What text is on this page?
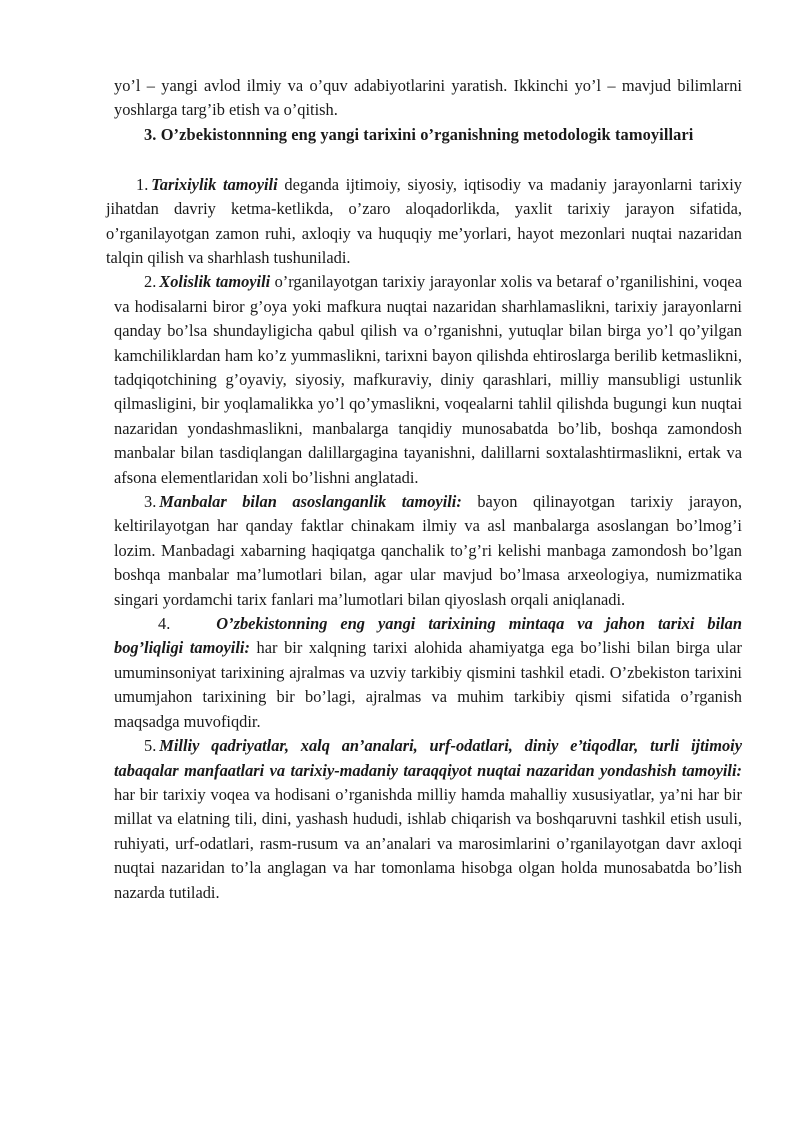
yo’l – yangi avlod ilmiy va o’quv adabiyotlarini yaratish. Ikkinchi yo’l – mavjud bilimlarni yoshlarga targ’ib etish va o’qitish.

3. O’zbekistonnning eng yangi tarixini o’rganishning metodologik tamoyillari

1. Tarixiylik tamoyili deganda ijtimoiy, siyosiy, iqtisodiy va madaniy jarayonlarni tarixiy jihatdan davriy ketma-ketlikda, o’zaro aloqadorlikda, yaxlit tarixiy jarayon sifatida, o’rganilayotgan zamon ruhi, axloqiy va huquqiy me’yorlari, hayot mezonlari nuqtai nazaridan talqin qilish va sharhlash tushuniladi.

2. Xolislik tamoyili o’rganilayotgan tarixiy jarayonlar xolis va betaraf o’rganilishini, voqea va hodisalarni biror g’oya yoki mafkura nuqtai nazaridan sharhlamaslikni, tarixiy jarayonlarni qanday bo’lsa shundayligicha qabul qilish va o’rganishni, yutuqlar bilan birga yo’l qo’yilgan kamchiliklardan ham ko’z yummaslikni, tarixni bayon qilishda ehtiroslarga berilib ketmaslikni, tadqiqotchining g’oyaviy, siyosiy, mafkuraviy, diniy qarashlari, milliy mansubligi ustunlik qilmasligini, bir yoqlamalikka yo’l qo’ymaslikni, voqealarni tahlil qilishda bugungi kun nuqtai nazaridan yondashmaslikni, manbalarga tanqidiy munosabatda bo’lib, boshqa zamondosh manbalar bilan tasdiqlangan dalillargagina tayanishni, dalillarni soxtalashtirmaslikni, ertak va afsona elementlaridan xoli bo’lishni anglatadi.

3. Manbalar bilan asoslanganlik tamoyili: bayon qilinayotgan tarixiy jarayon, keltirilayotgan har qanday faktlar chinakam ilmiy va asl manbalarga asoslangan bo’lmog’i lozim. Manbadagi xabarning haqiqatga qanchalik to’g’ri kelishi manbaga zamondosh bo’lgan boshqa manbalar ma’lumotlari bilan, agar ular mavjud bo’lmasa arxeologiya, numizmatika singari yordamchi tarix fanlari ma’lumotlari bilan qiyoslash orqali aniqlanadi.

4.	O’zbekistonning eng yangi tarixining mintaqa va jahon tarixi bilan bog’liqligi tamoyili: har bir xalqning tarixi alohida ahamiyatga ega bo’lishi bilan birga ular umuminsoniyat tarixining ajralmas va uzviy tarkibiy qismini tashkil etadi. O’zbekiston tarixini umumjahon tarixining bir bo’lagi, ajralmas va muhim tarkibiy qismi sifatida o’rganish maqsadga muvofiqdir.

5. Milliy qadriyatlar, xalq an’analari, urf-odatlari, diniy e’tiqodlar, turli ijtimoiy tabaqalar manfaatlari va tarixiy-madaniy taraqqiyot nuqtai nazaridan yondashish tamoyili: har bir tarixiy voqea va hodisani o’rganishda milliy hamda mahalliy xususiyatlar, ya’ni har bir millat va elatning tili, dini, yashash hududi, ishlab chiqarish va boshqaruvni tashkil etish usuli, ruhiyati, urf-odatlari, rasm-rusum va an’analari va marosimlarini o’rganilayotgan davr axloqi nuqtai nazaridan to’la anglagan va har tomonlama hisobga olgan holda munosabatda bo’lish nazarda tutiladi.
